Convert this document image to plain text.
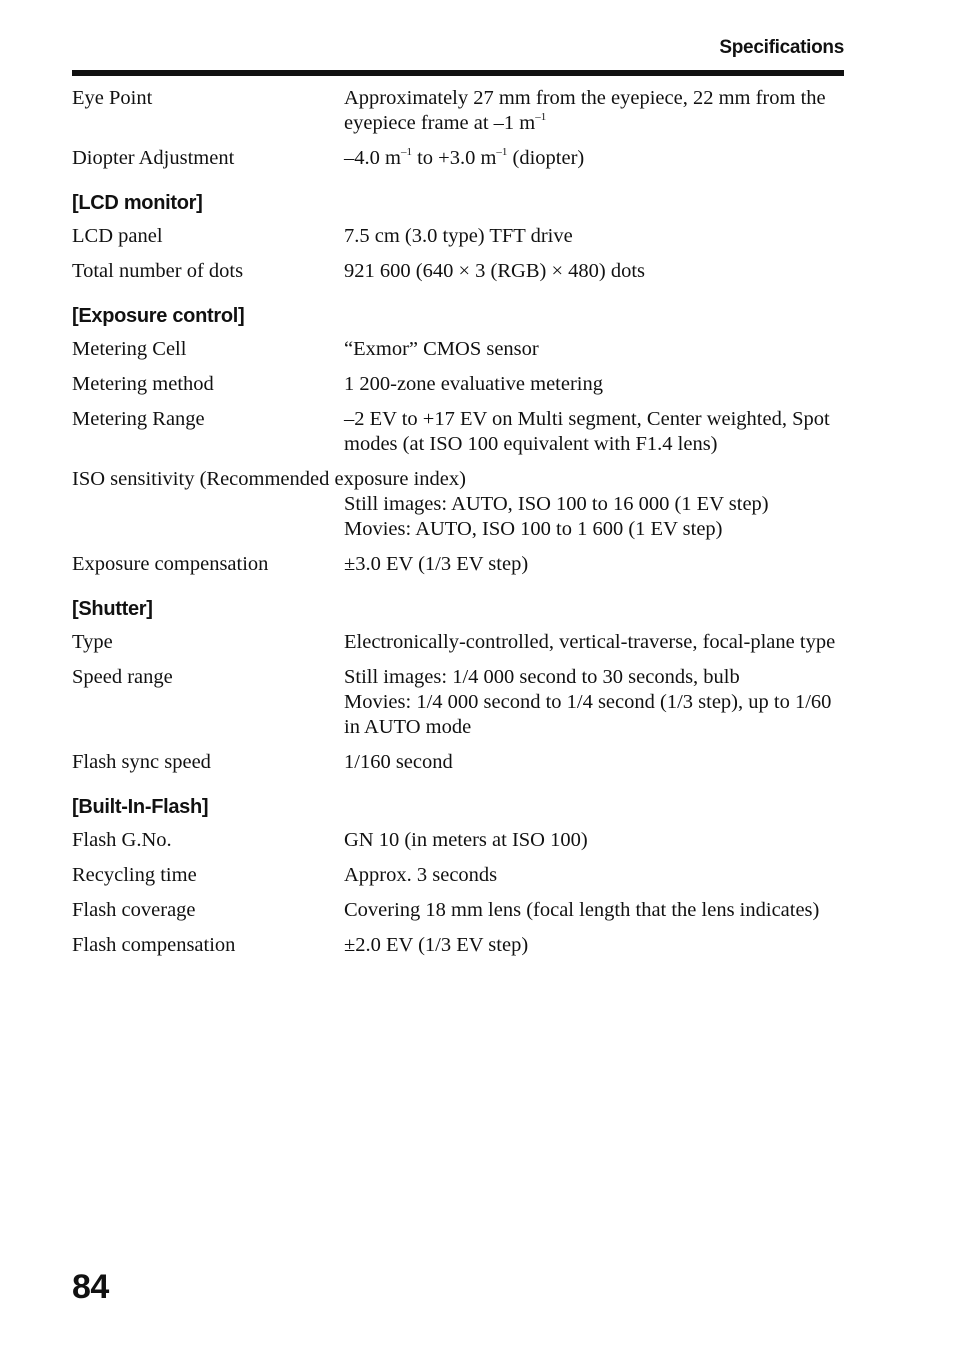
Specifications
Eye Point	Approximately 27 mm from the eyepiece, 22 mm from the eyepiece frame at –1 $m^{-1}$
Diopter Adjustment	–4.0 $m^{-1}$ to +3.0 $m^{-1}$ (diopter)
[LCD monitor]
LCD panel	7.5 cm (3.0 type) TFT drive
Total number of dots	921 600 (640 × 3 (RGB) × 480) dots
[Exposure control]
Metering Cell	“Exmor” CMOS sensor
Metering method	1 200-zone evaluative metering
Metering Range	–2 EV to +17 EV on Multi segment, Center weighted, Spot modes (at ISO 100 equivalent with F1.4 lens)
ISO sensitivity (Recommended exposure index)
Still images: AUTO, ISO 100 to 16 000 (1 EV step)
Movies: AUTO, ISO 100 to 1 600 (1 EV step)
Exposure compensation	±3.0 EV (1/3 EV step)
[Shutter]
Type	Electronically-controlled, vertical-traverse, focal-plane type
Speed range	Still images: 1/4 000 second to 30 seconds, bulb
Movies: 1/4 000 second to 1/4 second (1/3 step), up to 1/60 in AUTO mode
Flash sync speed	1/160 second
[Built-In-Flash]
Flash G.No.	GN 10 (in meters at ISO 100)
Recycling time	Approx. 3 seconds
Flash coverage	Covering 18 mm lens (focal length that the lens indicates)
Flash compensation	±2.0 EV (1/3 EV step)
84
